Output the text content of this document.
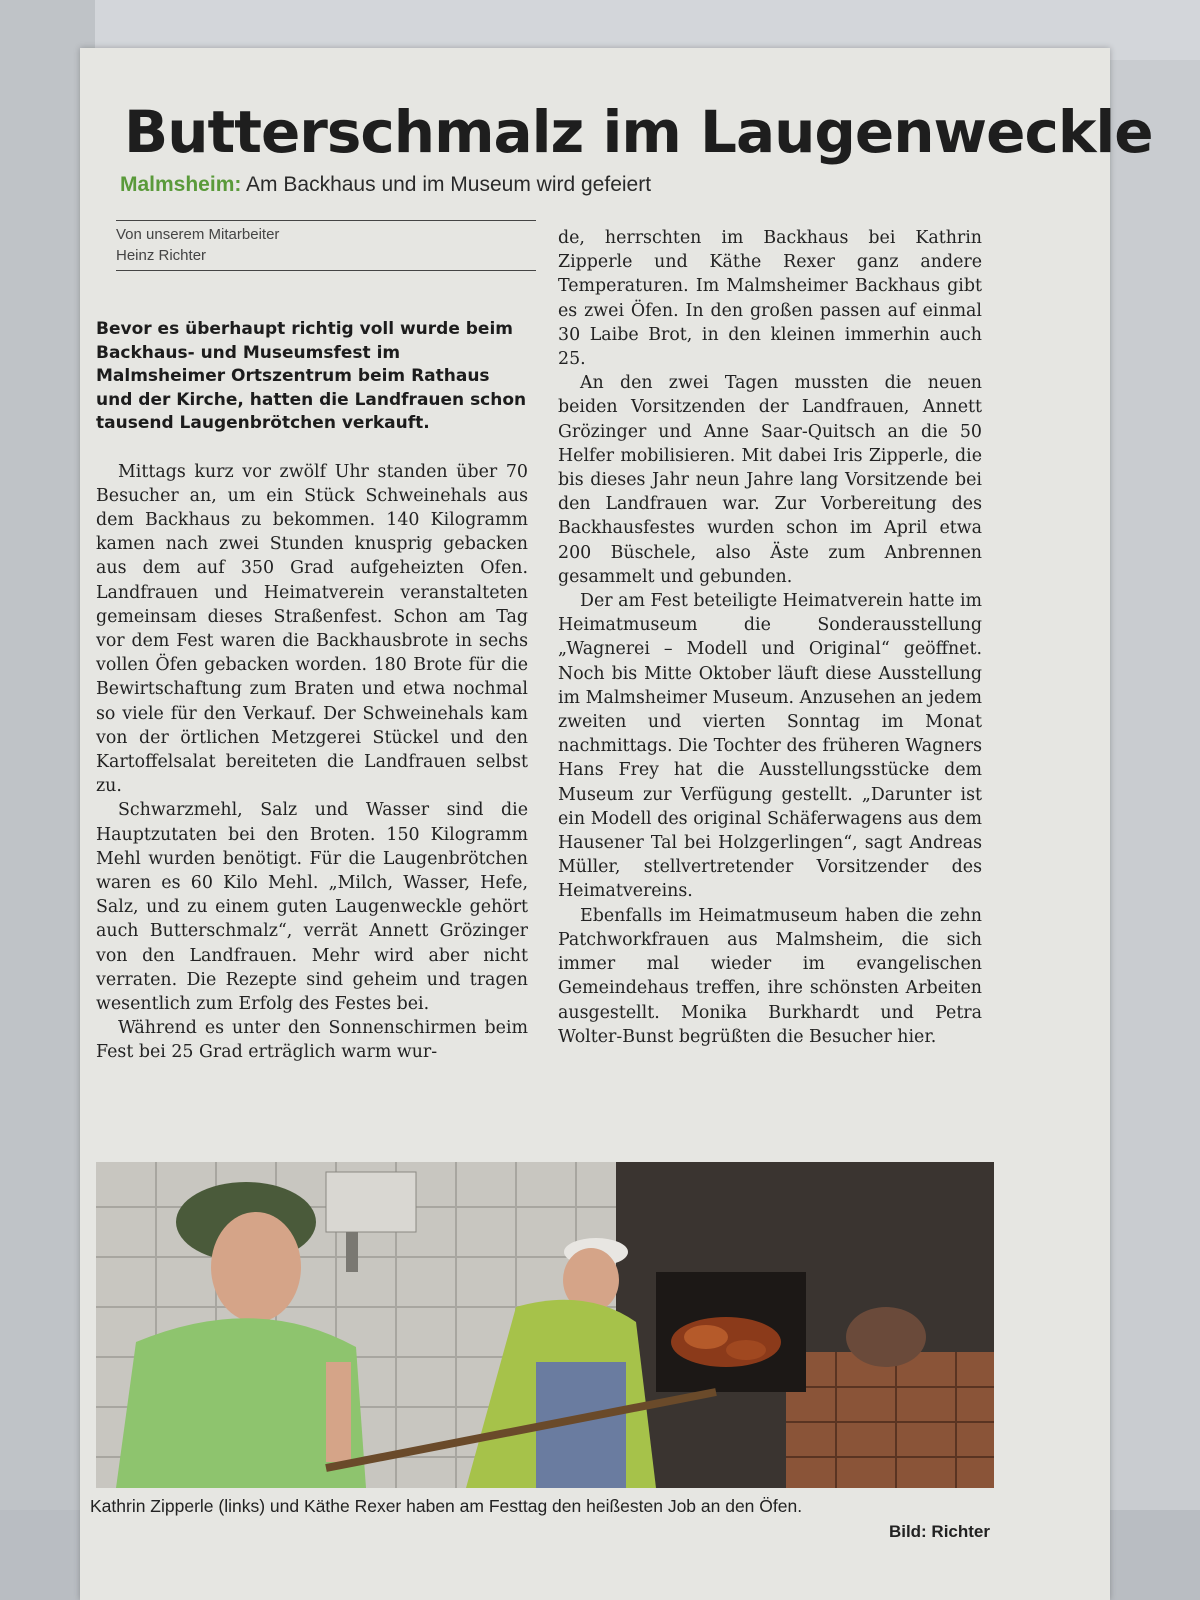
Butterschmalz im Laugenweckle
Malmsheim: Am Backhaus und im Museum wird gefeiert
Von unserem Mitarbeiter
Heinz Richter

Bevor es überhaupt richtig voll wurde beim Backhaus- und Museumsfest im Malmsheimer Ortszentrum beim Rathaus und der Kirche, hatten die Landfrauen schon tausend Laugenbrötchen verkauft.

Mittags kurz vor zwölf Uhr standen über 70 Besucher an, um ein Stück Schweinehals aus dem Backhaus zu bekommen. 140 Kilogramm kamen nach zwei Stunden knusprig gebacken aus dem auf 350 Grad aufgeheizten Ofen. Landfrauen und Heimatverein veranstalteten gemeinsam dieses Straßenfest. Schon am Tag vor dem Fest waren die Backhausbrote in sechs vollen Öfen gebacken worden. 180 Brote für die Bewirtschaftung zum Braten und etwa nochmal so viele für den Verkauf. Der Schweinehals kam von der örtlichen Metzgerei Stückel und den Kartoffelsalat bereiteten die Landfrauen selbst zu.

Schwarzmehl, Salz und Wasser sind die Hauptzutaten bei den Broten. 150 Kilogramm Mehl wurden benötigt. Für die Laugenbrötchen waren es 60 Kilo Mehl. „Milch, Wasser, Hefe, Salz, und zu einem guten Laugenweckle gehört auch Butterschmalz“, verrät Annett Grözinger von den Landfrauen. Mehr wird aber nicht verraten. Die Rezepte sind geheim und tragen wesentlich zum Erfolg des Festes bei.

Während es unter den Sonnenschirmen beim Fest bei 25 Grad erträglich warm wur-

de, herrschten im Backhaus bei Kathrin Zipperle und Käthe Rexer ganz andere Temperaturen. Im Malmsheimer Backhaus gibt es zwei Öfen. In den großen passen auf einmal 30 Laibe Brot, in den kleinen immerhin auch 25.

An den zwei Tagen mussten die neuen beiden Vorsitzenden der Landfrauen, Annett Grözinger und Anne Saar-Quitsch an die 50 Helfer mobilisieren. Mit dabei Iris Zipperle, die bis dieses Jahr neun Jahre lang Vorsitzende bei den Landfrauen war. Zur Vorbereitung des Backhausfestes wurden schon im April etwa 200 Büschele, also Äste zum Anbrennen gesammelt und gebunden.

Der am Fest beteiligte Heimatverein hatte im Heimatmuseum die Sonderausstellung „Wagnerei – Modell und Original“ geöffnet. Noch bis Mitte Oktober läuft diese Ausstellung im Malmsheimer Museum. Anzusehen an jedem zweiten und vierten Sonntag im Monat nachmittags. Die Tochter des früheren Wagners Hans Frey hat die Ausstellungsstücke dem Museum zur Verfügung gestellt. „Darunter ist ein Modell des original Schäferwagens aus dem Hausener Tal bei Holzgerlingen“, sagt Andreas Müller, stellvertretender Vorsitzender des Heimatvereins.

Ebenfalls im Heimatmuseum haben die zehn Patchworkfrauen aus Malmsheim, die sich immer mal wieder im evangelischen Gemeindehaus treffen, ihre schönsten Arbeiten ausgestellt. Monika Burkhardt und Petra Wolter-Bunst begrüßten die Besucher hier.

Kathrin Zipperle (links) und Käthe Rexer haben am Festtag den heißesten Job an den Öfen.
Bild: Richter
